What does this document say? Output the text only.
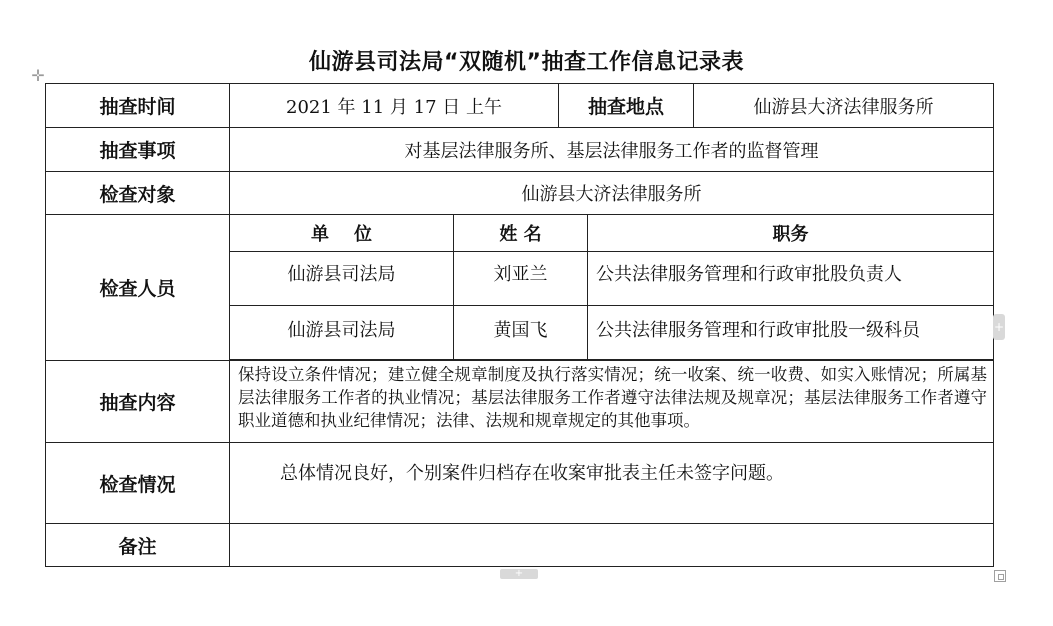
仙游县司法局“双随机”抽查工作信息记录表
✛
抽查时间	2021 年 11 月 17 日 上午		抽查地点 仙游县大济法律服务所	

抽查事项	对基层法律服务所、基层法律服务工作者的监督管理			
检查对象	仙游县大济法律服务所			
检查人员	单    位	姓 名		职务
	仙游县司法局	刘亚兰		公共法律服务管理和行政审批股负责人
	仙游县司法局	黄国飞		公共法律服务管理和行政审批股一级科员

抽查内容	保持设立条件情况；建立健全规章制度及执行落实情况；统一收案、统一收费、如实入账情况；所属基层法律服务工作者的执业情况；基层法律服务工作者遵守法律法规及规章况；基层法律服务工作者遵守职业道德和执业纪律情况；法律、法规和规章规定的其他事项。			
检查情况	总体情况良好，个别案件归档存在收案审批表主任未签字问题。			
备注				
+
+
